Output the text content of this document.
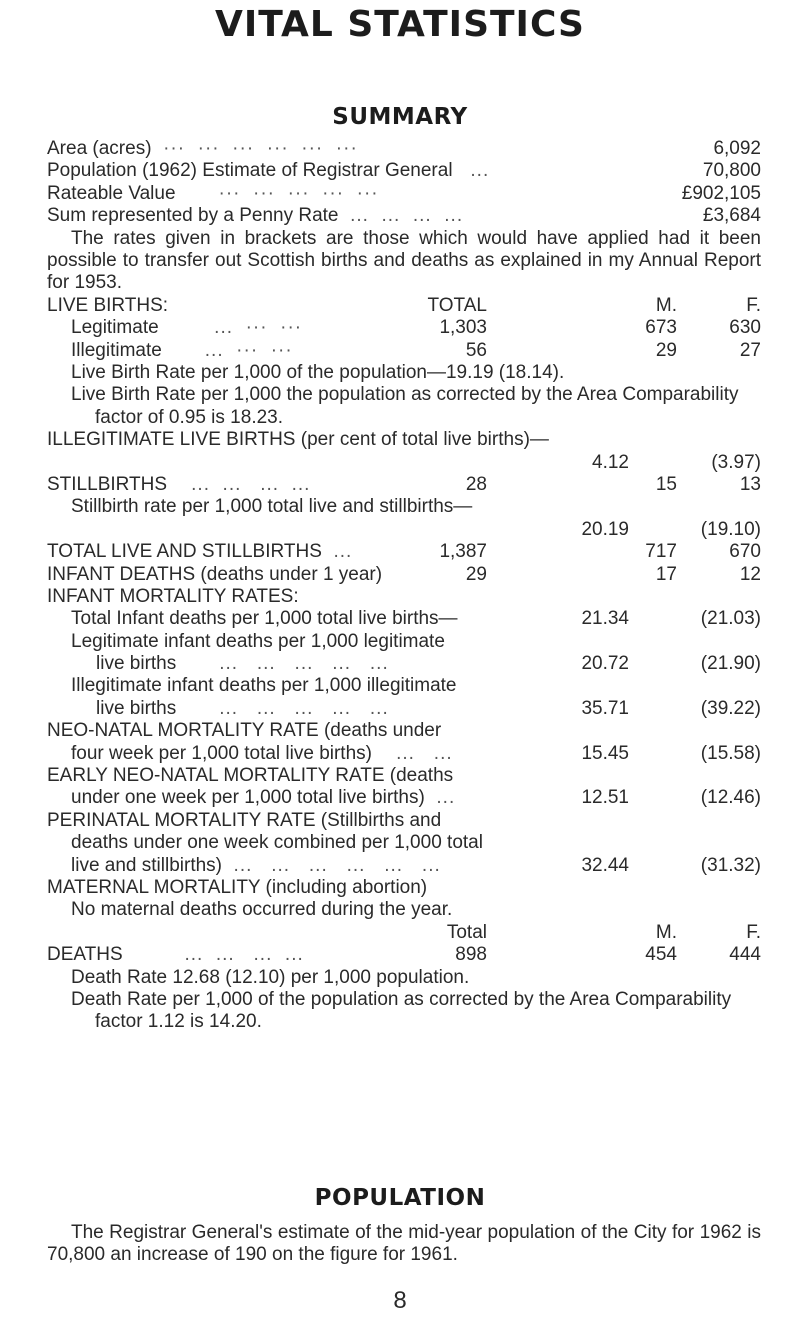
VITAL STATISTICS
SUMMARY
Area (acres)  ···  ···  ···  ···  ···  ···	6,092
Population (1962) Estimate of Registrar General   ...	70,800
Rateable Value       ···  ···  ···  ···  ···	£902,105
Sum represented by a Penny Rate  ...  ...  ...  ...	£3,684
The rates given in brackets are those which would have applied had it been possible to transfer out Scottish births and deaths as explained in my Annual Report for 1953.
LIVE BIRTHS:	TOTAL	M.	F.
Legitimate         ...  ···  ···	1,303	673	630
Illegitimate       ...  ···  ···	56	29	27
Live Birth Rate per 1,000 of the population—19.19 (18.14).
Live Birth Rate per 1,000 the population as corrected by the Area Comparability factor of 0.95 is 18.23.
ILLEGITIMATE LIVE BIRTHS (per cent of total live births)—
4.12	(3.97)
STILLBIRTHS    ...  ...   ...  ...	28	15	13
Stillbirth rate per 1,000 total live and stillbirths—
20.19	(19.10)
TOTAL LIVE AND STILLBIRTHS  ...	1,387	717	670
INFANT DEATHS (deaths under 1 year)	29	17	12
INFANT MORTALITY RATES:
Total Infant deaths per 1,000 total live births—	21.34	(21.03)
Legitimate infant deaths per 1,000 legitimate
live births       ...   ...   ...   ...   ...	20.72	(21.90)
Illegitimate infant deaths per 1,000 illegitimate
live births       ...   ...   ...   ...   ...	35.71	(39.22)
NEO-NATAL MORTALITY RATE (deaths under
four week per 1,000 total live births)    ...   ...	15.45	(15.58)
EARLY NEO-NATAL MORTALITY RATE (deaths
under one week per 1,000 total live births)  ...	12.51	(12.46)
PERINATAL MORTALITY RATE (Stillbirths and
deaths under one week combined per 1,000 total
live and stillbirths)  ...   ...   ...   ...   ...   ...	32.44	(31.32)
MATERNAL MORTALITY (including abortion)
No maternal deaths occurred during the year.
Total	M.	F.
DEATHS          ...  ...   ...  ...	898	454	444
Death Rate 12.68 (12.10) per 1,000 population.
Death Rate per 1,000 of the population as corrected by the Area Comparability factor 1.12 is 14.20.
POPULATION
The Registrar General's estimate of the mid-year population of the City for 1962 is 70,800 an increase of 190 on the figure for 1961.
8
